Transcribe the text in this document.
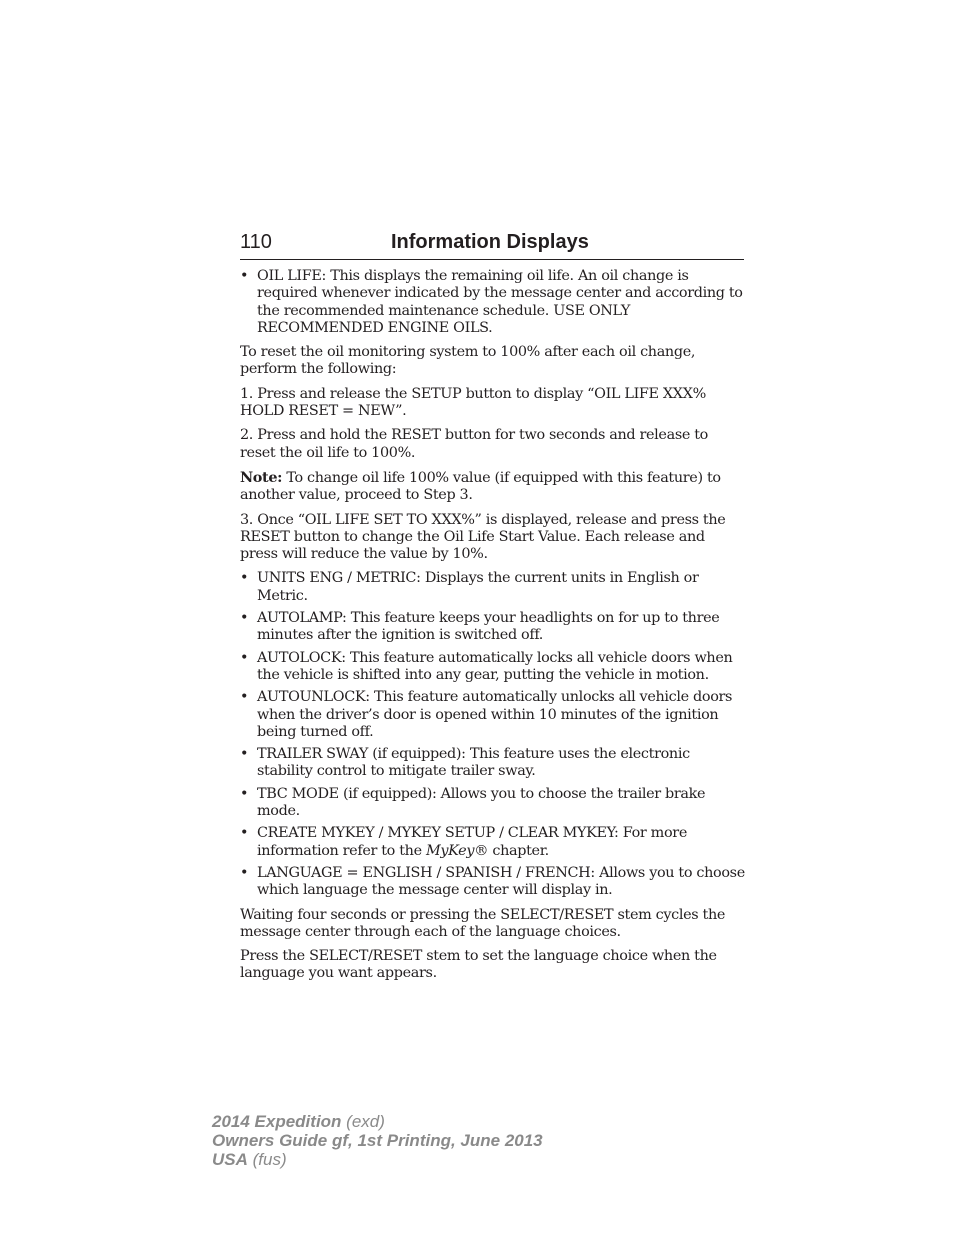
110	Information Displays
• OIL LIFE: This displays the remaining oil life. An oil change is required whenever indicated by the message center and according to the recommended maintenance schedule. USE ONLY RECOMMENDED ENGINE OILS.

To reset the oil monitoring system to 100% after each oil change, perform the following:

1. Press and release the SETUP button to display “OIL LIFE XXX% HOLD RESET = NEW”.

2. Press and hold the RESET button for two seconds and release to reset the oil life to 100%.

Note: To change oil life 100% value (if equipped with this feature) to another value, proceed to Step 3.

3. Once “OIL LIFE SET TO XXX%” is displayed, release and press the RESET button to change the Oil Life Start Value. Each release and press will reduce the value by 10%.

• UNITS ENG / METRIC: Displays the current units in English or Metric.
• AUTOLAMP: This feature keeps your headlights on for up to three minutes after the ignition is switched off.
• AUTOLOCK: This feature automatically locks all vehicle doors when the vehicle is shifted into any gear, putting the vehicle in motion.
• AUTOUNLOCK: This feature automatically unlocks all vehicle doors when the driver’s door is opened within 10 minutes of the ignition being turned off.
• TRAILER SWAY (if equipped): This feature uses the electronic stability control to mitigate trailer sway.
• TBC MODE (if equipped): Allows you to choose the trailer brake mode.
• CREATE MYKEY / MYKEY SETUP / CLEAR MYKEY: For more information refer to the MyKey® chapter.
• LANGUAGE = ENGLISH / SPANISH / FRENCH: Allows you to choose which language the message center will display in.

Waiting four seconds or pressing the SELECT/RESET stem cycles the message center through each of the language choices.

Press the SELECT/RESET stem to set the language choice when the language you want appears.

2014 Expedition (exd)
Owners Guide gf, 1st Printing, June 2013
USA (fus)
